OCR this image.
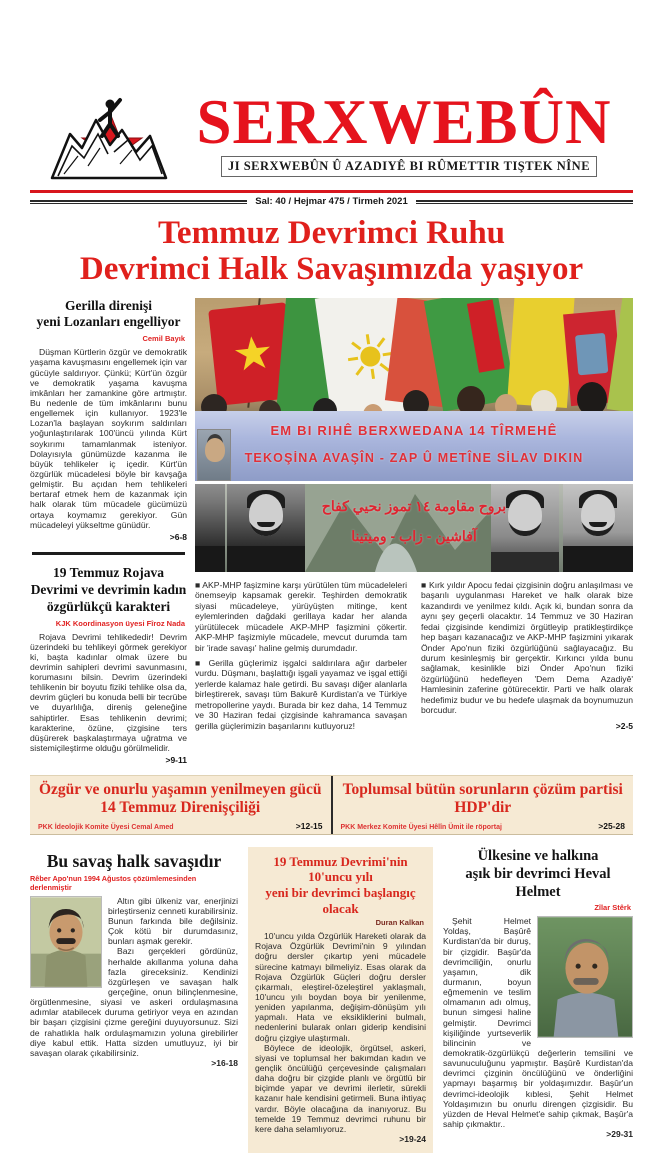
SERXWEBÛN
JI SERXWEBÛN Û AZADIYÊ BI RÛMETTIR TIŞTEK NÎNE
Sal: 40 / Hejmar 475 / Tirmeh 2021
Temmuz Devrimci Ruhu
Devrimci Halk Savaşımızda yaşıyor
Gerilla direnişi
yeni Lozanları engelliyor
Cemil Bayık

Düşman Kürtlerin özgür ve demokratik yaşama kavuşmasını engellemek için var gücüyle saldırıyor. Çünkü; Kürt'ün özgür ve demokratik yaşama kavuşma imkânları her zamankine göre artmıştır. Bu nedenle de tüm imkânlarını bunu engellemek için kullanıyor. 1923'le Lozan'la başlayan soykırım saldırıları yoğunlaştırılarak 100'üncü yılında Kürt soykırımı tamamlanmak isteniyor. Dolayısıyla günümüzde kazanma ile büyük tehlikeler iç içedir. Kürt'ün özgürlük mücadelesi böyle bir kavşağa gelmiştir. Bu açıdan hem tehlikeleri bertaraf etmek hem de kazanmak için halk olarak tüm mücadele gücümüzü ortaya koymamız gerekiyor. Gün mücadeleyi yükseltme günüdür.

>6-8
19 Temmuz Rojava
Devrimi ve devrimin kadın
özgürlükçü karakteri
KJK Koordinasyon üyesi Fîroz Nada

Rojava Devrimi tehlikededir! Devrim üzerindeki bu tehlikeyi görmek gerekiyor ki, başta kadınlar olmak üzere bu devrimin sahipleri devrimi savunmasını, korumasını bilsin. Devrim üzerindeki tehlikenin bir boyutu fiziki tehlike olsa da, devrim güçleri bu konuda belli bir tecrübe ve duyarlılığa, direniş geleneğine sahiptirler. Esas tehlikenin devrimi; karakterine, özüne, çizgisine ters düşürerek başkalaştırmaya uğratma ve sistemiçileştirme olduğu görülmelidir.

>9-11
EM BI RIHÊ BERXWEDANA 14 TÎRMEHÊ
TEKOŞİNA AVAŞÎN - ZAP Û METÎNE SİLAV DIKIN
بروح مقاومة ١٤ تموز نحيي كفاح
آفاشين - زاب - وميتينا

■ AKP-MHP faşizmine karşı yürütülen tüm mücadeleleri önemseyip kapsamak gerekir. Teşhirden demokratik siyasi mücadeleye, yürüyüşten mitinge, kent eylemlerinden dağdaki gerillaya kadar her alanda yürütülecek mücadele AKP-MHP faşizmini çökertir. AKP-MHP faşizmiyle mücadele, mevcut durumda tam bir 'irade savaşı' haline gelmiş durumdadır.

■ Gerilla güçlerimiz işgalci saldırılara ağır darbeler vurdu. Düşmanı, başlattığı işgali yayamaz ve işgal ettiği yerlerde kalamaz hale getirdi. Bu savaşı diğer alanlarla birleştirerek, savaşı tüm Bakurê Kurdistan'a ve Türkiye metropollerine yaydı. Burada bir kez daha, 14 Temmuz ve 30 Haziran fedai çizgisinde kahramanca savaşan gerilla güçlerimizin başarılarını kutluyoruz!

■ Kırk yıldır Apocu fedai çizgisinin doğru anlaşılması ve başarılı uygulanması Hareket ve halk olarak bize kazandırdı ve yenilmez kıldı. Açık ki, bundan sonra da aynı şey geçerli olacaktır. 14 Temmuz ve 30 Haziran fedai çizgisinde kendimizi örgütleyip pratikleştirdikçe hep başarı kazanacağız ve AKP-MHP faşizmini yıkarak Önder Apo'nun fiziki özgürlüğünü sağlayacağız. Bu durum kesinleşmiş bir gerçektir. Kırkıncı yılda bunu sağlamak, kesinlikle bizi Önder Apo'nun fiziki özgürlüğünü hedefleyen 'Dem Dema Azadiyê' Hamlesinin zaferine götürecektir. Parti ve halk olarak hedefimiz budur ve bu hedefe ulaşmak da boynumuzun borcudur.

>2-5
Özgür ve onurlu yaşamın yenilmeyen gücü
14 Temmuz Direnişçiliği
PKK İdeolojik Komite Üyesi Cemal Amed	>12-15
Toplumsal bütün sorunların çözüm partisi
HDP'dir
PKK Merkez Komite Üyesi Hêlîn Ümit ile röportaj	>25-28
Bu savaş halk savaşıdır
Rêber Apo'nun 1994 Ağustos çözümlemesinden derlenmiştir

Altın gibi ülkeniz var, enerjinizi birleştirseniz cenneti kurabilirsiniz. Bunun farkında bile değilsiniz. Çok kötü bir durumdasınız, bunları aşmak gerekir.

Bazı gerçekleri gördünüz, herhalde akıllanma yoluna daha fazla gireceksiniz. Kendinizi özgürleşen ve savaşan halk gerçeğine, onun bilinçlenmesine, örgütlenmesine, siyasi ve askeri ordulaşmasına adımlar atabilecek duruma getiriyor veya en azından bir başarı çizgisini çizme gereğini duyuyorsunuz. Sizi de rahatlıkla halk ordulaşmamızın yoluna girebilirler diye kabul ettik. Hatta sizden umutluyuz, iyi bir savaşan olarak çıkabilirsiniz.

>16-18
19 Temmuz Devrimi'nin 10'uncu yılı
yeni bir devrimci başlangıç olacak
Duran Kalkan

10'uncu yılda Özgürlük Hareketi olarak da Rojava Özgürlük Devrimi'nin 9 yılından doğru dersler çıkartıp yeni mücadele sürecine katmayı bilmeliyiz. Esas olarak da Rojava Özgürlük Güçleri doğru dersler çıkarmalı, eleştirel-özeleştirel yaklaşmalı, 10'uncu yılı boydan boya bir yenilenme, yeniden yapılanma, değişim-dönüşüm yılı yapmalı. Hata ve eksikliklerini bulmalı, nedenlerini bularak onları giderip kendisini doğru çizgiye ulaştırmalı.

Böylece de ideolojik, örgütsel, askeri, siyasi ve toplumsal her bakımdan kadın ve gençlik öncülüğü çerçevesinde çalışmaları daha doğru bir çizgide planlı ve örgütlü bir biçimde yapar ve devrimi ilerletir, sürekli kazanır hale kendisini getirmeli. Buna ihtiyaç vardır. Böyle olacağına da inanıyoruz. Bu temelde 19 Temmuz devrimci ruhunu bir kere daha selamlıyoruz.

>19-24
Ülkesine ve halkına
aşık bir devrimci Heval Helmet
Zîlar Stêrk

Şehit Helmet Yoldaş, Başûrê Kurdistan'da bir duruş, bir çizgidir. Başûr'da devrimciliğin, onurlu yaşamın, dik durmanın, boyun eğmemenin ve teslim olmamanın adı olmuş, bunun simgesi haline gelmiştir. Devrimci kişiliğinde yurtseverlik bilincinin ve demokratik-özgürlükçü değerlerin temsilini ve savunuculuğunu yapmıştır. Başûrê Kurdistan'da devrimci çizginin öncülüğünü ve önderliğini yapmayı başarmış bir yoldaşımızdır. Başûr'un devrimci-ideolojik kıblesi, Şehit Helmet Yoldaşımızın bu onurlu direngen çizgisidir. Bu yüzden de Heval Helmet'e sahip çıkmak, Başûr'a sahip çıkmaktır..

>29-31
